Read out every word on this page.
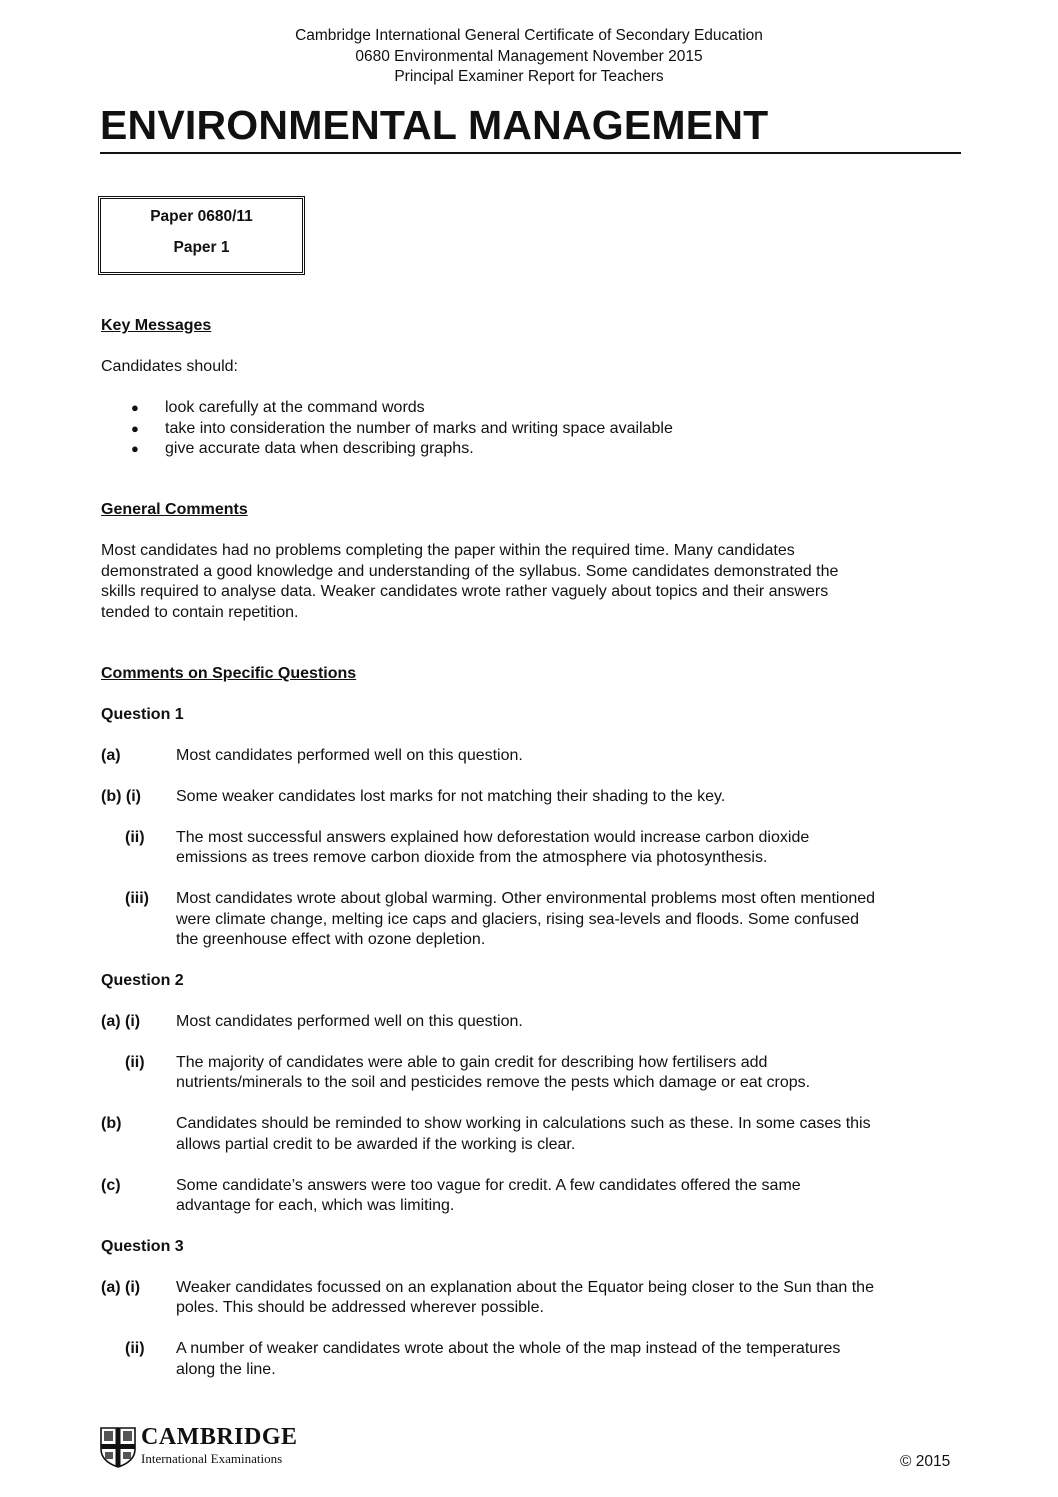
Cambridge International General Certificate of Secondary Education
0680 Environmental Management November 2015
Principal Examiner Report for Teachers
ENVIRONMENTAL MANAGEMENT
Paper 0680/11
Paper 1
Key Messages
Candidates should:
● look carefully at the command words
● take into consideration the number of marks and writing space available
● give accurate data when describing graphs.
General Comments
Most candidates had no problems completing the paper within the required time. Many candidates
demonstrated a good knowledge and understanding of the syllabus. Some candidates demonstrated the
skills required to analyse data. Weaker candidates wrote rather vaguely about topics and their answers
tended to contain repetition.
Comments on Specific Questions
Question 1
(a)	Most candidates performed well on this question.
(b) (i) Some weaker candidates lost marks for not matching their shading to the key.
(ii) The most successful answers explained how deforestation would increase carbon dioxide
emissions as trees remove carbon dioxide from the atmosphere via photosynthesis.
(iii) Most candidates wrote about global warming. Other environmental problems most often mentioned
were climate change, melting ice caps and glaciers, rising sea-levels and floods. Some confused
the greenhouse effect with ozone depletion.
Question 2
(a) (i) Most candidates performed well on this question.
(ii) The majority of candidates were able to gain credit for describing how fertilisers add
nutrients/minerals to the soil and pesticides remove the pests which damage or eat crops.
(b)	Candidates should be reminded to show working in calculations such as these. In some cases this
allows partial credit to be awarded if the working is clear.
(c)	Some candidate’s answers were too vague for credit. A few candidates offered the same
advantage for each, which was limiting.
Question 3
(a) (i) Weaker candidates focussed on an explanation about the Equator being closer to the Sun than the
poles. This should be addressed wherever possible.
(ii) A number of weaker candidates wrote about the whole of the map instead of the temperatures
along the line.
CAMBRIDGE
International Examinations	© 2015
